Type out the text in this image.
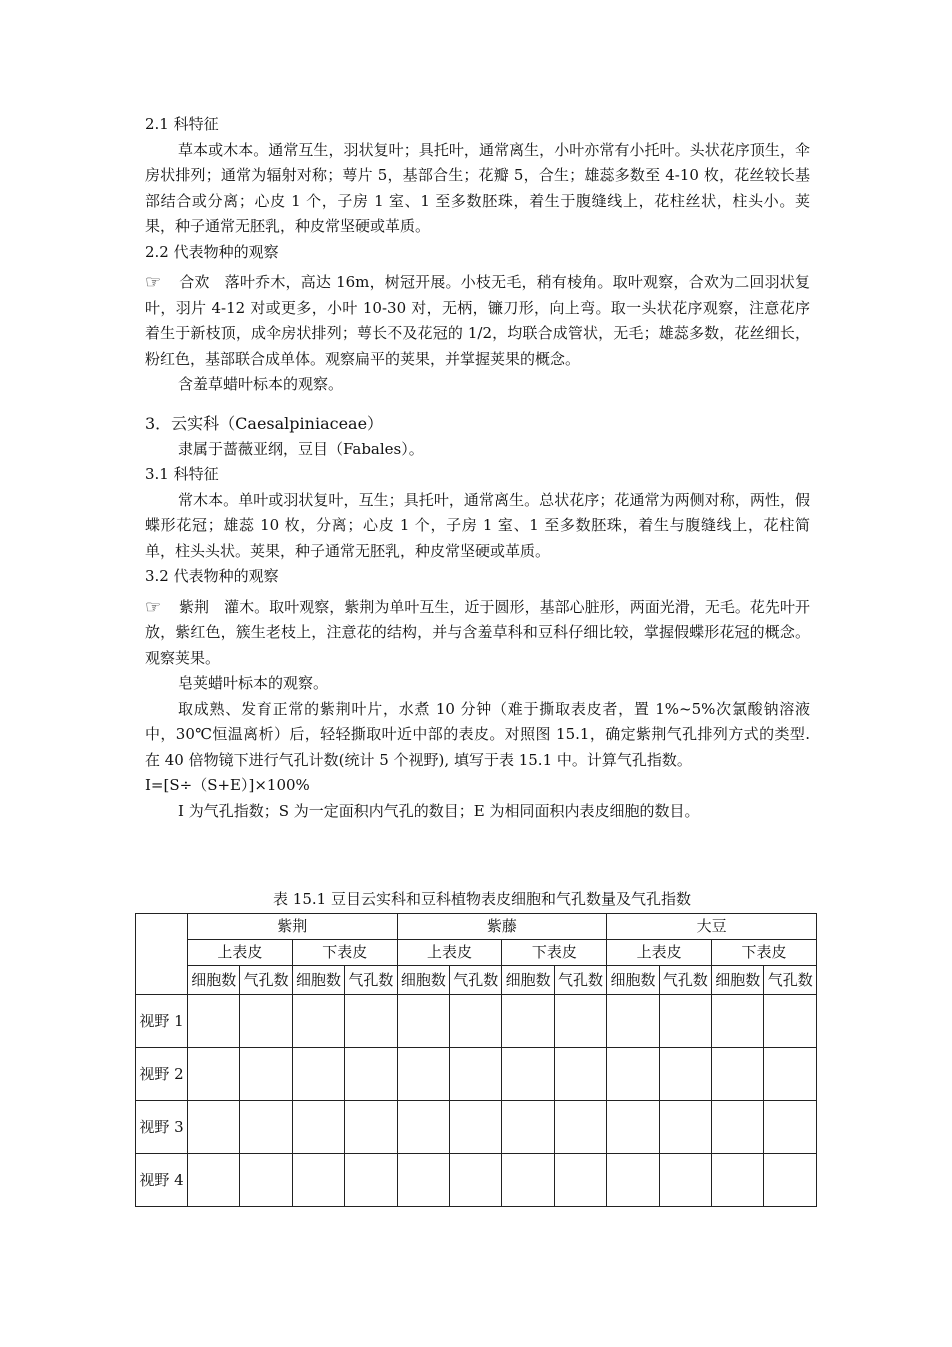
2.1 科特征

草本或木本。通常互生，羽状复叶；具托叶，通常离生，小叶亦常有小托叶。头状花序顶生，伞房状排列；通常为辐射对称；萼片 5，基部合生；花瓣 5，合生；雄蕊多数至 4-10 枚，花丝较长基部结合或分离；心皮 1 个，子房 1 室、1 至多数胚珠，着生于腹缝线上，花柱丝状，柱头小。荚果，种子通常无胚乳，种皮常坚硬或革质。

2.2 代表物种的观察

☞ 合欢　落叶乔木，高达 16m，树冠开展。小枝无毛，稍有棱角。取叶观察，合欢为二回羽状复叶，羽片 4-12 对或更多，小叶 10-30 对，无柄，镰刀形，向上弯。取一头状花序观察，注意花序着生于新枝顶，成伞房状排列；萼长不及花冠的 1/2，均联合成管状，无毛；雄蕊多数，花丝细长，粉红色，基部联合成单体。观察扁平的荚果，并掌握荚果的概念。

含羞草蜡叶标本的观察。

3．云实科（Caesalpiniaceae）

隶属于蔷薇亚纲，豆目（Fabales）。

3.1 科特征

常木本。单叶或羽状复叶，互生；具托叶，通常离生。总状花序；花通常为两侧对称，两性，假蝶形花冠；雄蕊 10 枚，分离；心皮 1 个，子房 1 室、1 至多数胚珠，着生与腹缝线上，花柱简单，柱头头状。荚果，种子通常无胚乳，种皮常坚硬或革质。

3.2 代表物种的观察

☞ 紫荆　灌木。取叶观察，紫荆为单叶互生，近于圆形，基部心脏形，两面光滑，无毛。花先叶开放，紫红色，簇生老枝上，注意花的结构，并与含羞草科和豆科仔细比较，掌握假蝶形花冠的概念。观察荚果。

皂荚蜡叶标本的观察。

取成熟、发育正常的紫荆叶片，水煮 10 分钟（难于撕取表皮者，置 1%~5%次氯酸钠溶液中，30℃恒温离析）后，轻轻撕取叶近中部的表皮。对照图 15.1，确定紫荆气孔排列方式的类型. 在 40 倍物镜下进行气孔计数(统计 5 个视野), 填写于表 15.1 中。计算气孔指数。

I=[S÷（S+E）]×100%

I 为气孔指数；S 为一定面积内气孔的数目；E 为相同面积内表皮细胞的数目。

表 15.1 豆目云实科和豆科植物表皮细胞和气孔数量及气孔指数

	紫荆				紫藤				大豆			
	上表皮		下表皮		上表皮		下表皮		上表皮		下表皮	
	细胞数	气孔数	细胞数	气孔数	细胞数	气孔数	细胞数	气孔数	细胞数	气孔数	细胞数	气孔数
视野 1												
视野 2												
视野 3												
视野 4												
